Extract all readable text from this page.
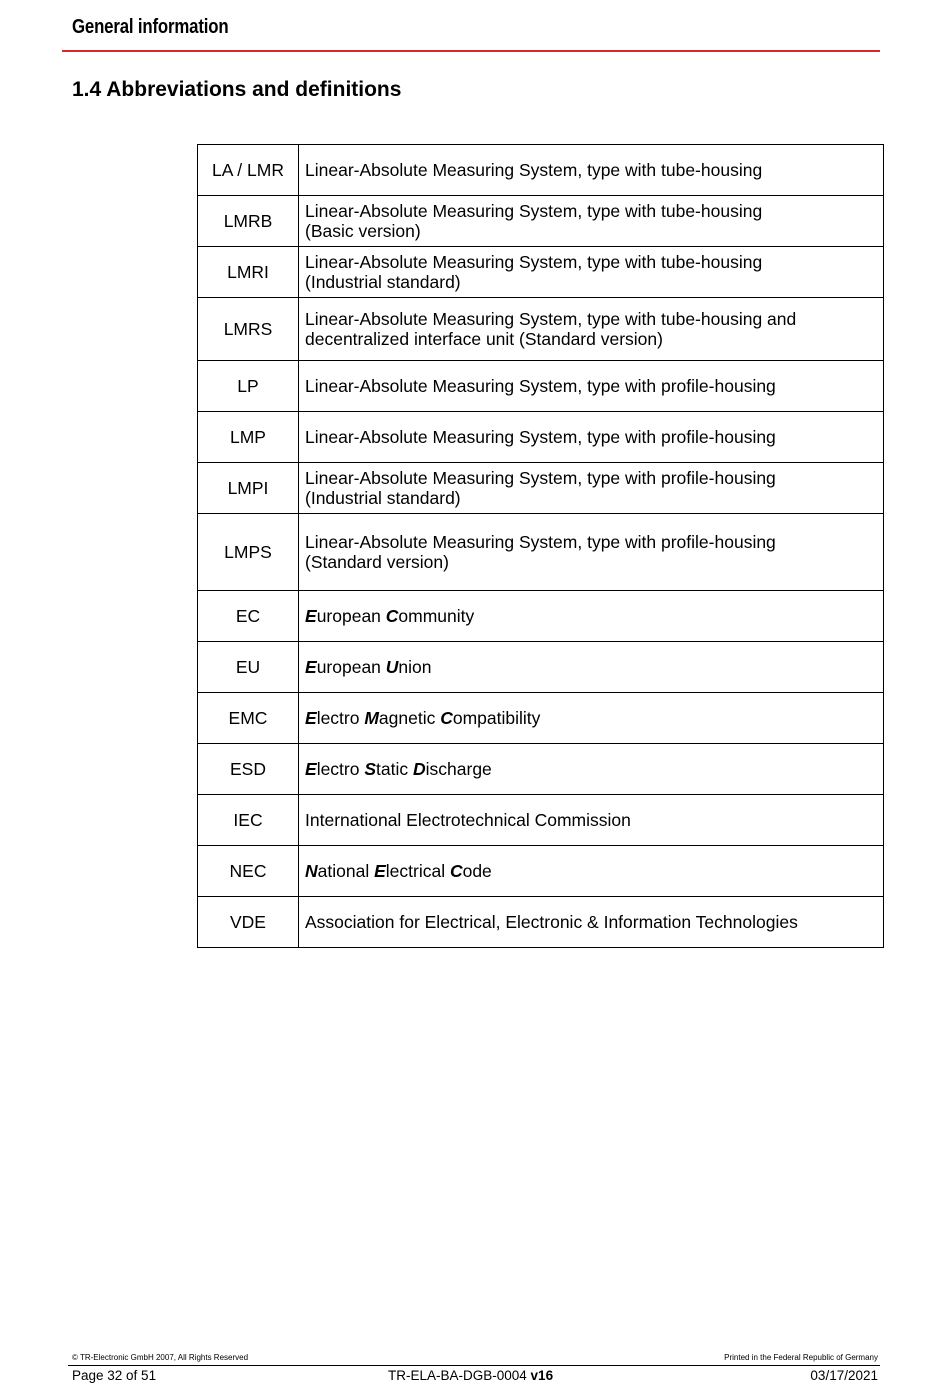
General information
1.4 Abbreviations and definitions
LA / LMR	Linear-Absolute Measuring System, type with tube-housing

LMRB	Linear-Absolute Measuring System, type with tube-housing
(Basic version)

LMRI	Linear-Absolute Measuring System, type with tube-housing
(Industrial standard)

LMRS	Linear-Absolute Measuring System, type with tube-housing and
decentralized interface unit (Standard version)

LP	Linear-Absolute Measuring System, type with profile-housing

LMP	Linear-Absolute Measuring System, type with profile-housing

LMPI	Linear-Absolute Measuring System, type with profile-housing
(Industrial standard)

LMPS	Linear-Absolute Measuring System, type with profile-housing
(Standard version)

EC	European Community

EU	European Union

EMC	Electro Magnetic Compatibility

ESD	Electro Static Discharge

IEC	International Electrotechnical Commission

NEC	National Electrical Code

VDE	Association for Electrical, Electronic & Information Technologies
© TR-Electronic GmbH 2007, All Rights Reserved	Printed in the Federal Republic of Germany
Page 32 of 51	TR-ELA-BA-DGB-0004 v16	03/17/2021
